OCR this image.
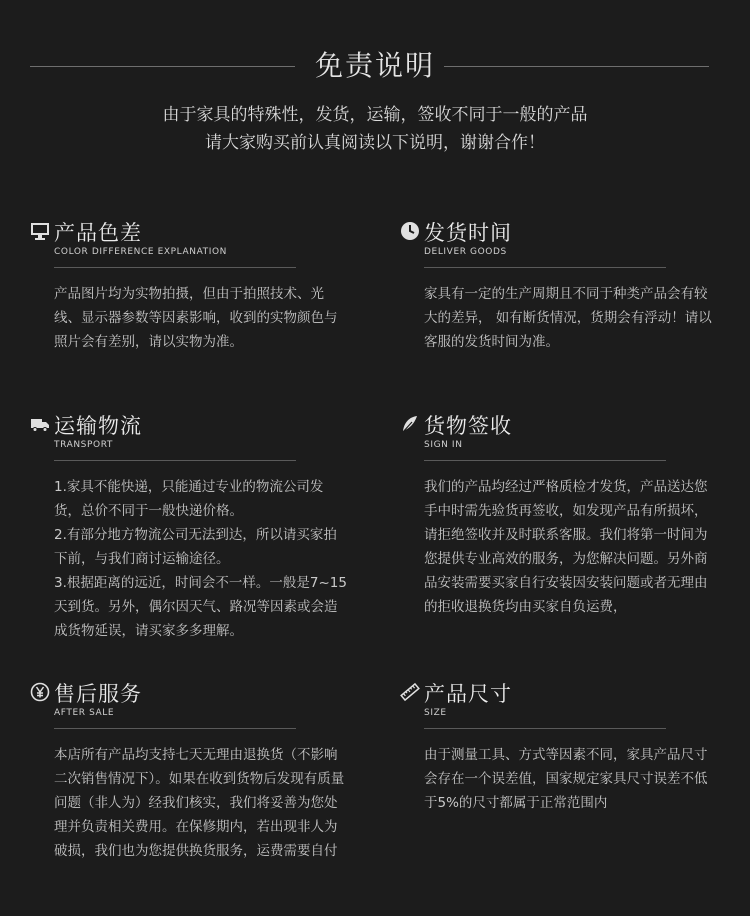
免责说明
由于家具的特殊性，发货，运输，签收不同于一般的产品
请大家购买前认真阅读以下说明，谢谢合作！
产品色差
COLOR DIFFERENCE EXPLANATION

产品图片均为实物拍摄，但由于拍照技术、光线、显示器参数等因素影响，收到的实物颜色与照片会有差别，请以实物为准。

发货时间
DELIVER GOODS

家具有一定的生产周期且不同于种类产品会有较大的差异， 如有断货情况，货期会有浮动！请以客服的发货时间为准。

运输物流
TRANSPORT

1.家具不能快递，只能通过专业的物流公司发货，总价不同于一般快递价格。

2.有部分地方物流公司无法到达，所以请买家拍下前，与我们商讨运输途径。

3.根据距离的远近，时间会不一样。一般是7~15天到货。另外，偶尔因天气、路况等因素或会造成货物延误，请买家多多理解。

货物签收
SIGN IN

我们的产品均经过严格质检才发货，产品送达您手中时需先验货再签收，如发现产品有所损坏，请拒绝签收并及时联系客服。我们将第一时间为您提供专业高效的服务，为您解决问题。另外商品安装需要买家自行安装因安装问题或者无理由的拒收退换货均由买家自负运费，

售后服务
AFTER SALE

本店所有产品均支持七天无理由退换货（不影响二次销售情况下）。如果在收到货物后发现有质量问题（非人为）经我们核实，我们将妥善为您处理并负责相关费用。在保修期内，若出现非人为破损，我们也为您提供换货服务，运费需要自付

产品尺寸
SIZE

由于测量工具、方式等因素不同，家具产品尺寸会存在一个误差值，国家规定家具尺寸误差不低于5%的尺寸都属于正常范围内
